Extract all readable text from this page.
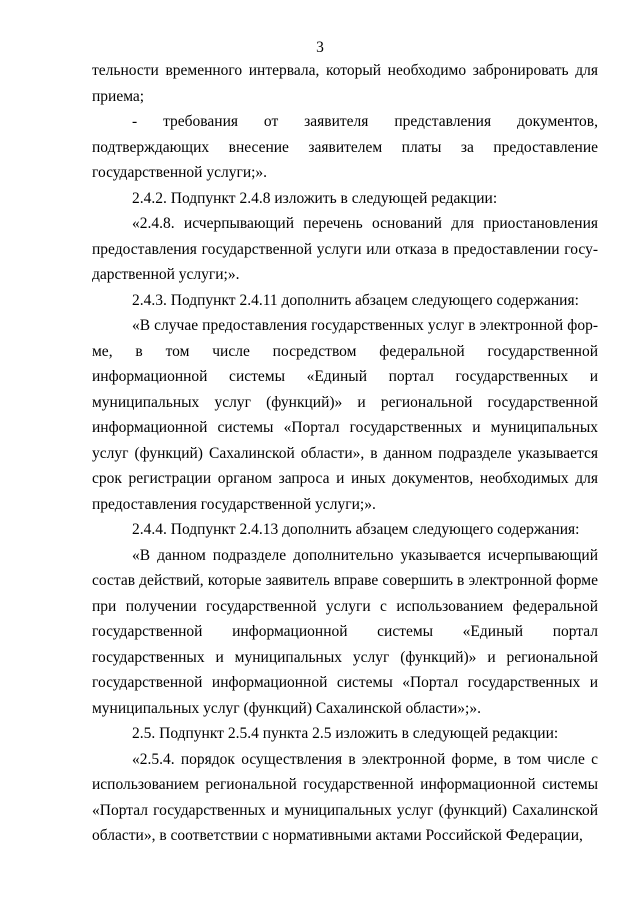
3

тельности временного интервала, который необходимо забронировать для приема;

- требования от заявителя представления документов, подтверждающих внесение заявителем платы за предоставление государственной услуги;».

2.4.2. Подпункт 2.4.8 изложить в следующей редакции:

«2.4.8. исчерпывающий перечень оснований для приостановления предоставления государственной услуги или отказа в предоставлении государственной услуги;».

2.4.3. Подпункт 2.4.11 дополнить абзацем следующего содержания:

«В случае предоставления государственных услуг в электронной форме, в том числе посредством федеральной государственной информационной системы «Единый портал государственных и муниципальных услуг (функций)» и региональной государственной информационной системы «Портал государственных и муниципальных услуг (функций) Сахалинской области», в данном подразделе указывается срок регистрации органом запроса и иных документов, необходимых для предоставления государственной услуги;».

2.4.4. Подпункт 2.4.13 дополнить абзацем следующего содержания:

«В данном подразделе дополнительно указывается исчерпывающий состав действий, которые заявитель вправе совершить в электронной форме при получении государственной услуги с использованием федеральной государственной информационной системы «Единый портал государственных и муниципальных услуг (функций)» и региональной государственной информационной системы «Портал государственных и муниципальных услуг (функций) Сахалинской области»;».

2.5. Подпункт 2.5.4 пункта 2.5 изложить в следующей редакции:

«2.5.4. порядок осуществления в электронной форме, в том числе с использованием региональной государственной информационной системы «Портал государственных и муниципальных услуг (функций) Сахалинской области», в соответствии с нормативными актами Российской Федерации,
